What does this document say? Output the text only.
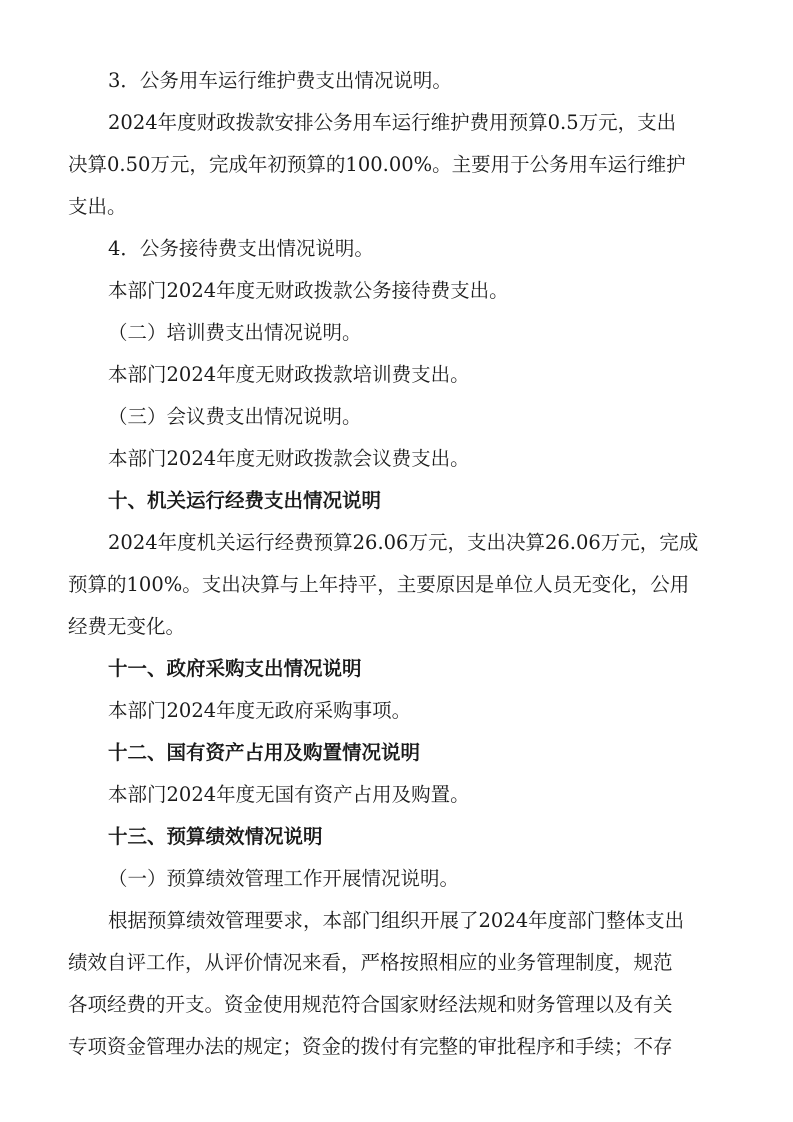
3．公务用车运行维护费支出情况说明。

2024年度财政拨款安排公务用车运行维护费用预算0.5万元，支出

决算0.50万元，完成年初预算的100.00%。主要用于公务用车运行维护

支出。

4．公务接待费支出情况说明。

本部门2024年度无财政拨款公务接待费支出。

（二）培训费支出情况说明。

本部门2024年度无财政拨款培训费支出。

（三）会议费支出情况说明。

本部门2024年度无财政拨款会议费支出。

十、机关运行经费支出情况说明

2024年度机关运行经费预算26.06万元，支出决算26.06万元，完成

预算的100%。支出决算与上年持平，主要原因是单位人员无变化，公用

经费无变化。

十一、政府采购支出情况说明

本部门2024年度无政府采购事项。

十二、国有资产占用及购置情况说明

本部门2024年度无国有资产占用及购置。

十三、预算绩效情况说明

（一）预算绩效管理工作开展情况说明。

根据预算绩效管理要求，本部门组织开展了2024年度部门整体支出

绩效自评工作，从评价情况来看，严格按照相应的业务管理制度，规范

各项经费的开支。资金使用规范符合国家财经法规和财务管理以及有关

专项资金管理办法的规定；资金的拨付有完整的审批程序和手续；不存
